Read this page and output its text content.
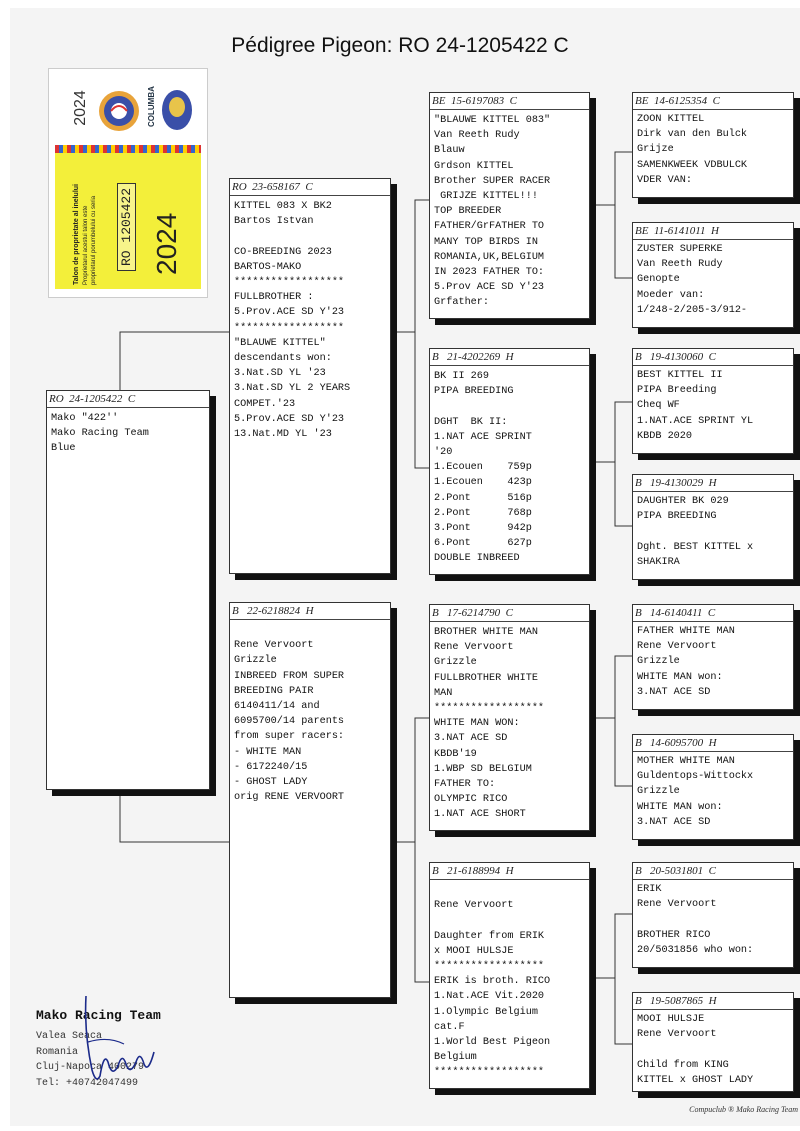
Pédigree Pigeon: RO 24-1205422 C
2024	COLUMBA
Talon de proprietate al inelului Proprietarul acestui talon este proprietarul porumbelului cu seria RO 1205422 2024
RO  24-1205422  C
Mako "422''
Mako Racing Team
Blue
RO  23-658167  C
KITTEL 083 X BK2
Bartos Istvan
CO-BREEDING 2023
BARTOS-MAKO
******************
FULLBROTHER :
5.Prov.ACE SD Y'23
******************
"BLAUWE KITTEL"
descendants won:
3.Nat.SD YL '23
3.Nat.SD YL 2 YEARS
COMPET.'23
5.Prov.ACE SD Y'23
13.Nat.MD YL '23
B   22-6218824  H
Rene Vervoort
Grizzle
INBREED FROM SUPER
BREEDING PAIR
6140411/14 and
6095700/14 parents
from super racers:
- WHITE MAN
- 6172240/15
- GHOST LADY
orig RENE VERVOORT
BE  15-6197083  C
"BLAUWE KITTEL 083"
Van Reeth Rudy
Blauw
Grdson KITTEL
Brother SUPER RACER
GRIJZE KITTEL!!!
TOP BREEDER
FATHER/GrFATHER TO
MANY TOP BIRDS IN
ROMANIA,UK,BELGIUM
IN 2023 FATHER TO:
5.Prov ACE SD Y'23
Grfather:
B   21-4202269  H
BK II 269
PIPA BREEDING
DGHT  BK II:
1.NAT ACE SPRINT
'20
1.Ecouen    759p
1.Ecouen    423p
2.Pont      516p
2.Pont      768p
3.Pont      942p
6.Pont      627p
DOUBLE INBREED
B   17-6214790  C
BROTHER WHITE MAN
Rene Vervoort
Grizzle
FULLBROTHER WHITE
MAN
******************
WHITE MAN WON:
3.NAT ACE SD
KBDB'19
1.WBP SD BELGIUM
FATHER TO:
OLYMPIC RICO
1.NAT ACE SHORT
B   21-6188994  H
Rene Vervoort
Daughter from ERIK
x MOOI HULSJE
******************
ERIK is broth. RICO
1.Nat.ACE Vit.2020
1.Olympic Belgium
cat.F
1.World Best Pigeon
Belgium
******************
BE  14-6125354  C
ZOON KITTEL
Dirk van den Bulck
Grijze
SAMENKWEEK VDBULCK
VDER VAN:
BE  11-6141011  H
ZUSTER SUPERKE
Van Reeth Rudy
Genopte
Moeder van:
1/248-2/205-3/912-
B   19-4130060  C
BEST KITTEL II
PIPA Breeding
Cheq WF
1.NAT.ACE SPRINT YL
KBDB 2020
B   19-4130029  H
DAUGHTER BK 029
PIPA BREEDING
Dght. BEST KITTEL x
SHAKIRA
B   14-6140411  C
FATHER WHITE MAN
Rene Vervoort
Grizzle
WHITE MAN won:
3.NAT ACE SD
B   14-6095700  H
MOTHER WHITE MAN
Guldentops-Wittockx
Grizzle
WHITE MAN won:
3.NAT ACE SD
B   20-5031801  C
ERIK
Rene Vervoort
BROTHER RICO
20/5031856 who won:
B   19-5087865  H
MOOI HULSJE
Rene Vervoort
Child from KING
KITTEL x GHOST LADY
Mako Racing Team
Valea Seaca
Romania
Cluj-Napoca 400279
Tel: +40742047499
Compuclub ® Mako Racing Team
